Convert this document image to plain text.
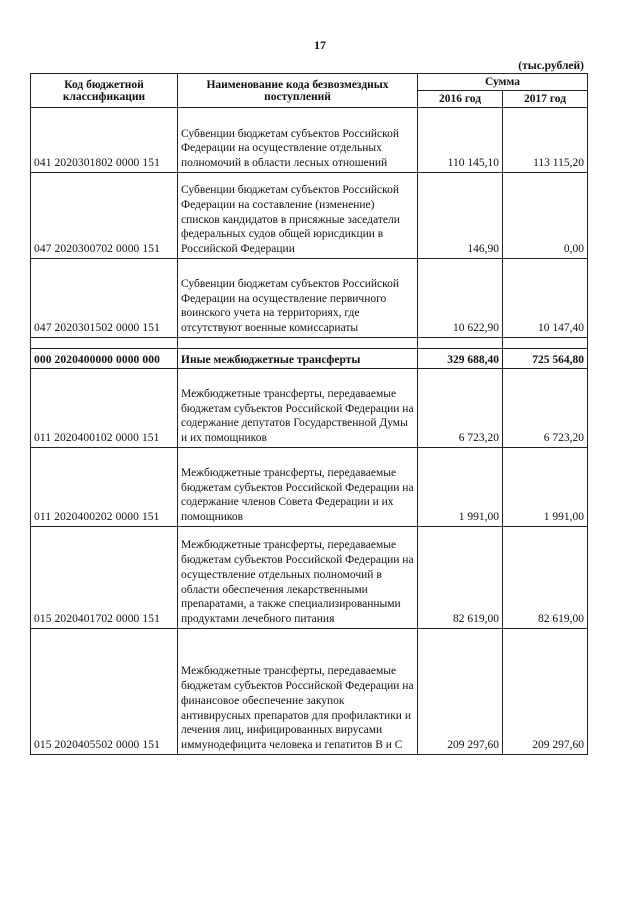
17
(тыс.рублей)
Код бюджетной классификации	Наименование кода безвозмездных поступлений	Сумма	
		2016 год	2017 год
041 2020301802 0000 151	Субвенции бюджетам субъектов Российской Федерации на осуществление отдельных полномочий в области лесных отношений	110 145,10	113 115,20
047 2020300702 0000 151	Субвенции бюджетам субъектов Российской Федерации на составление (изменение) списков кандидатов в присяжные заседатели федеральных судов общей юрисдикции в Российской Федерации	146,90	0,00
047 2020301502 0000 151	Субвенции бюджетам субъектов Российской Федерации на осуществление первичного воинского учета на территориях, где отсутствуют военные комиссариаты	10 622,90	10 147,40

000 2020400000 0000 000	Иные межбюджетные трансферты	329 688,40	725 564,80
011 2020400102 0000 151	Межбюджетные трансферты, передаваемые бюджетам субъектов Российской Федерации на содержание депутатов Государственной Думы и их помощников	6 723,20	6 723,20
011 2020400202 0000 151	Межбюджетные трансферты, передаваемые бюджетам субъектов Российской Федерации на содержание членов Совета Федерации и их помощников	1 991,00	1 991,00
015 2020401702 0000 151	Межбюджетные трансферты, передаваемые бюджетам субъектов Российской Федерации на осуществление отдельных полномочий в области обеспечения лекарственными препаратами, а также специализированными продуктами лечебного питания	82 619,00	82 619,00
015 2020405502 0000 151	Межбюджетные трансферты, передаваемые бюджетам субъектов Российской Федерации на финансовое обеспечение закупок антивирусных препаратов для профилактики и лечения лиц, инфицированных вирусами иммунодефицита человека и гепатитов В и С	209 297,60	209 297,60
